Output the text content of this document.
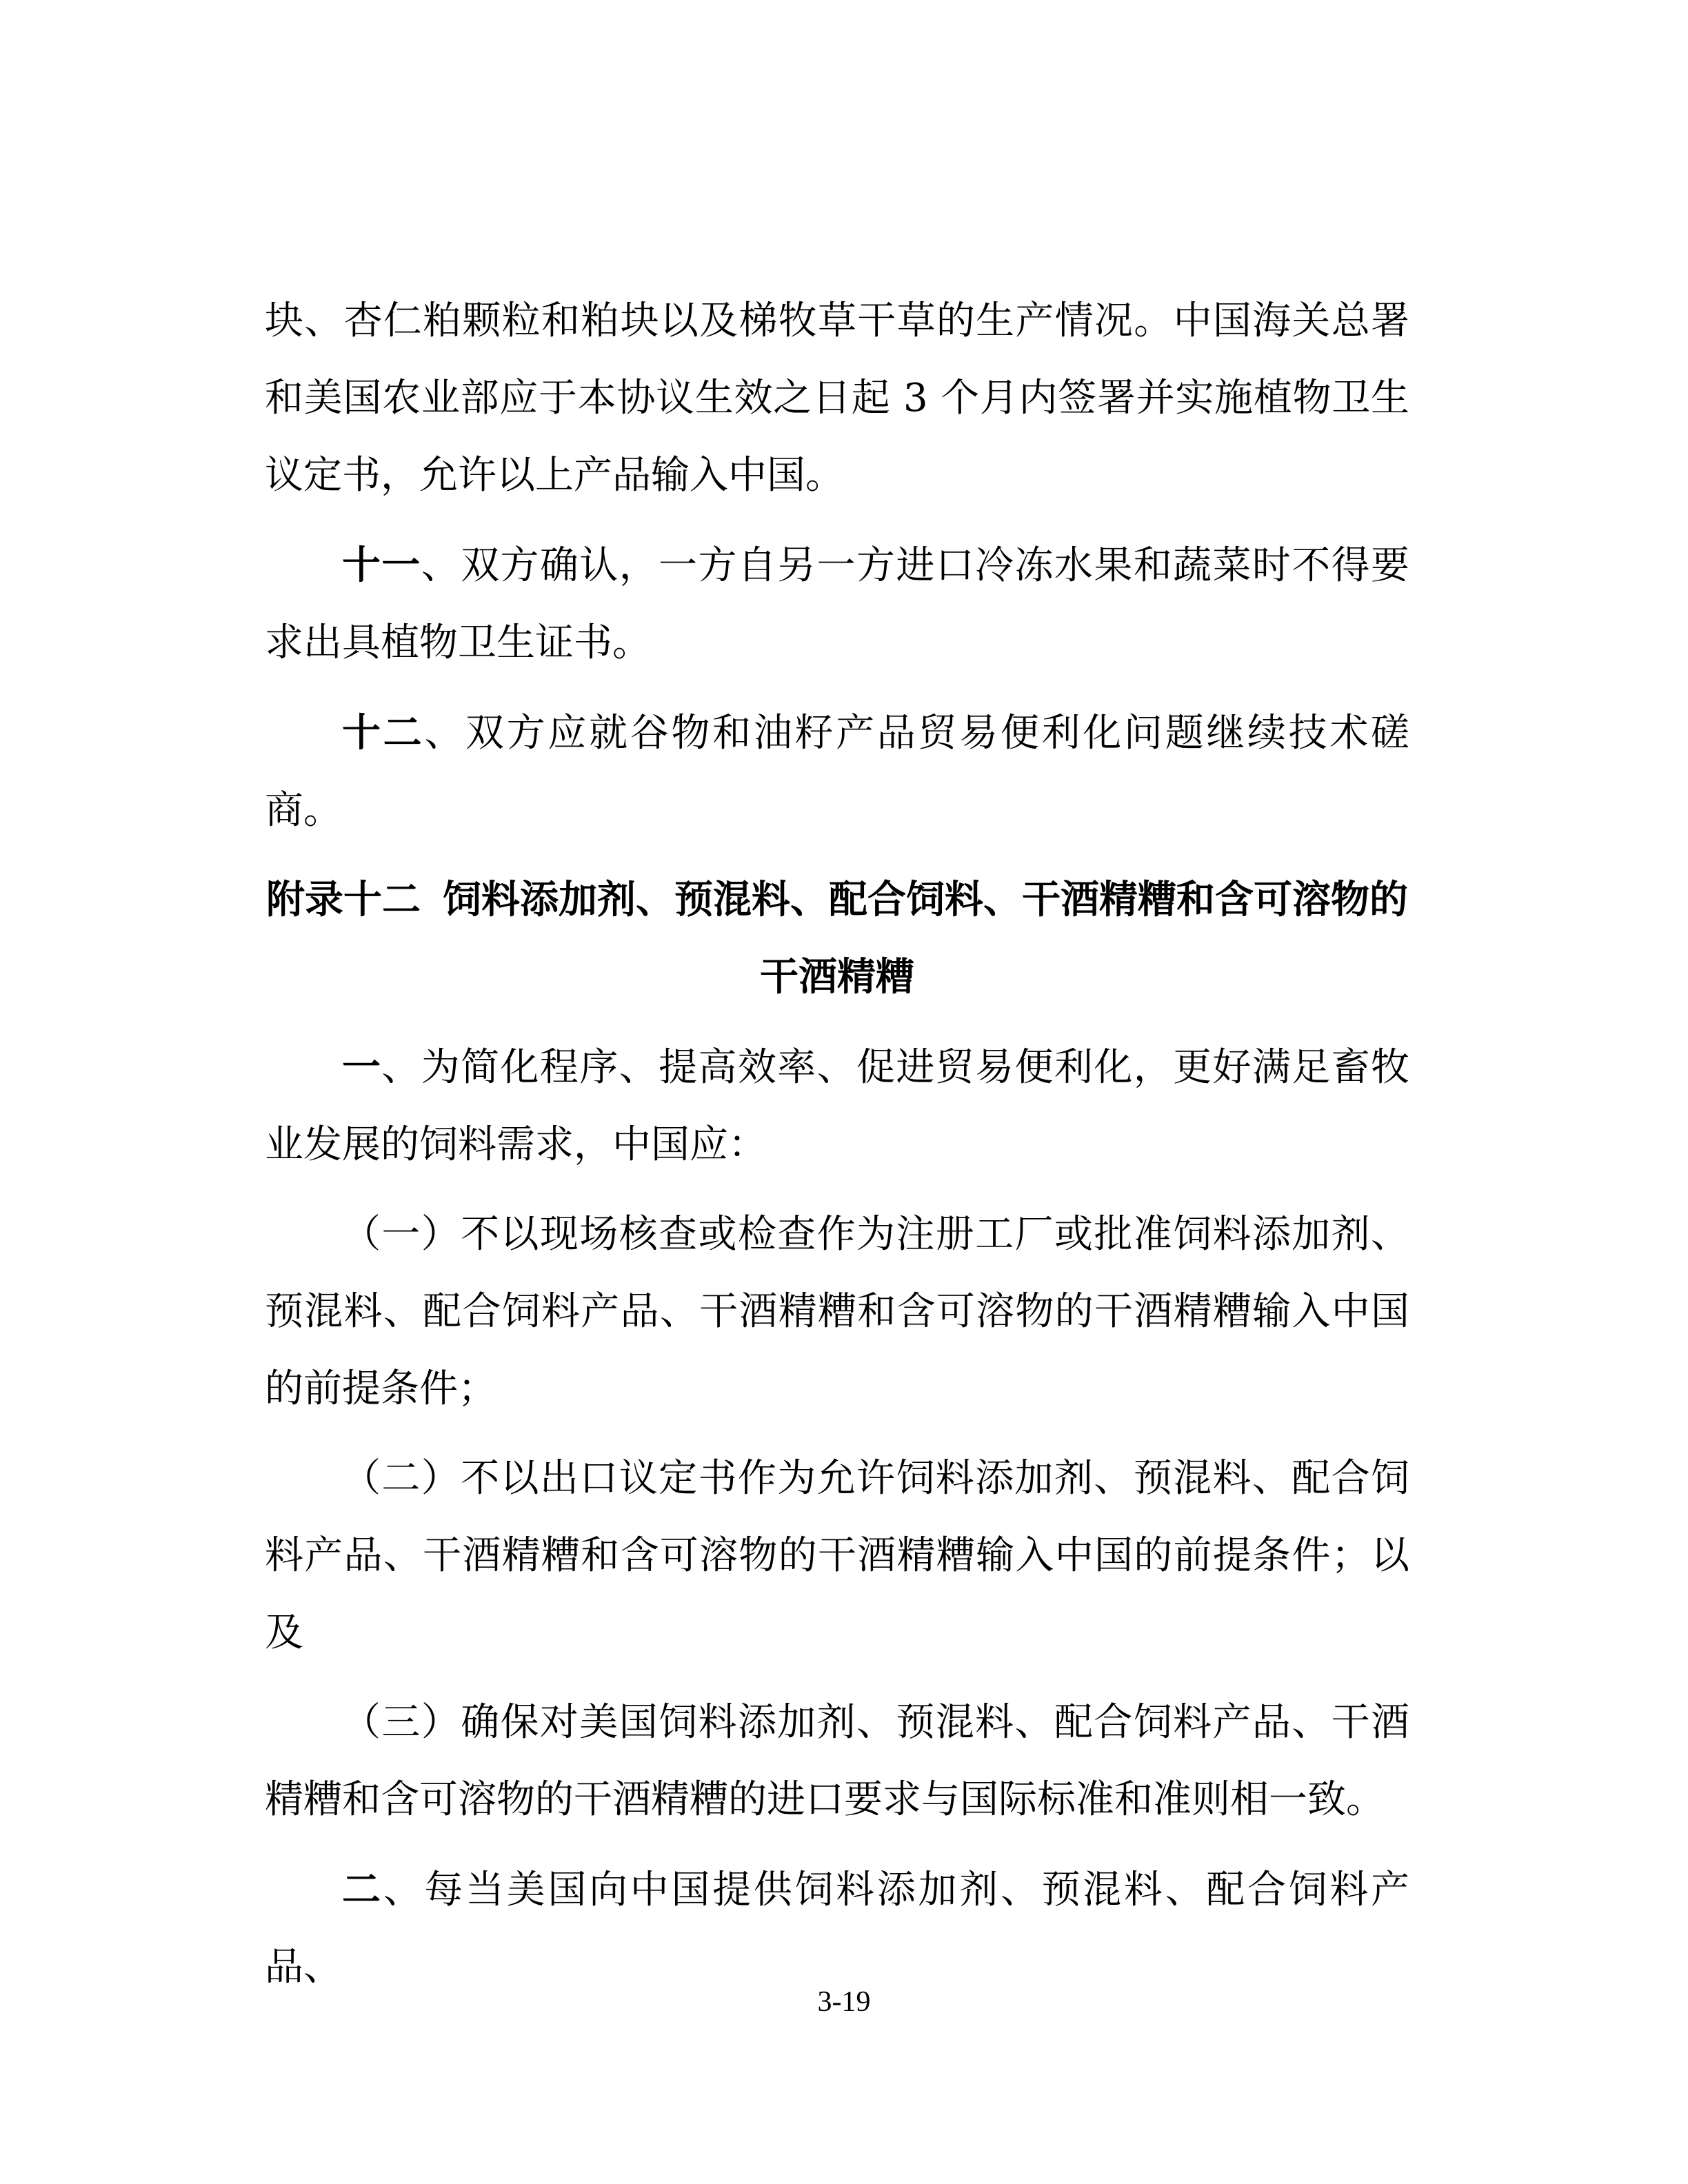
块、杏仁粕颗粒和粕块以及梯牧草干草的生产情况。中国海关总署和美国农业部应于本协议生效之日起 3 个月内签署并实施植物卫生议定书，允许以上产品输入中国。

十一、双方确认，一方自另一方进口冷冻水果和蔬菜时不得要求出具植物卫生证书。

十二、双方应就谷物和油籽产品贸易便利化问题继续技术磋商。

附录十二 饲料添加剂、预混料、配合饲料、干酒精糟和含可溶物的
干酒精糟

一、为简化程序、提高效率、促进贸易便利化，更好满足畜牧业发展的饲料需求，中国应：

（一）不以现场核查或检查作为注册工厂或批准饲料添加剂、预混料、配合饲料产品、干酒精糟和含可溶物的干酒精糟输入中国的前提条件；

（二）不以出口议定书作为允许饲料添加剂、预混料、配合饲料产品、干酒精糟和含可溶物的干酒精糟输入中国的前提条件；以及

（三）确保对美国饲料添加剂、预混料、配合饲料产品、干酒精糟和含可溶物的干酒精糟的进口要求与国际标准和准则相一致。

二、每当美国向中国提供饲料添加剂、预混料、配合饲料产品、

3-19
